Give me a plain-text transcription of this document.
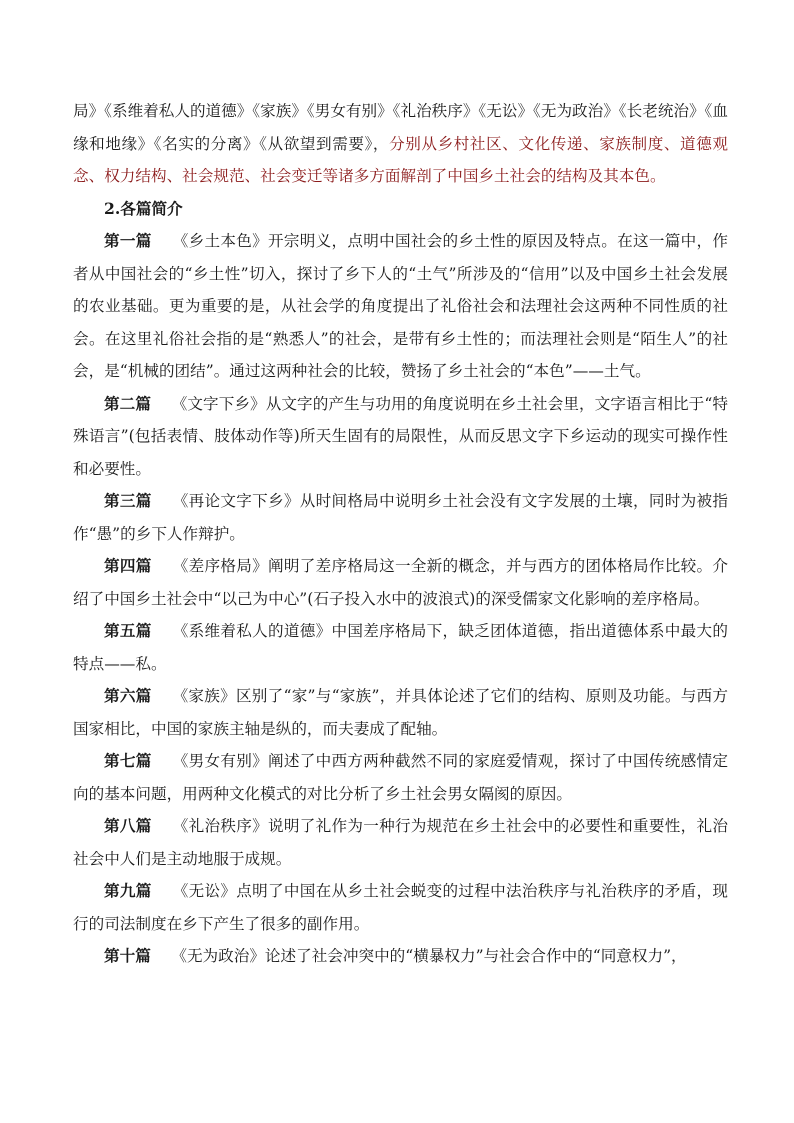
局》《系维着私人的道德》《家族》《男女有别》《礼治秩序》《无讼》《无为政治》《长老统治》《血缘和地缘》《名实的分离》《从欲望到需要》，分别从乡村社区、文化传递、家族制度、道德观念、权力结构、社会规范、社会变迁等诸多方面解剖了中国乡土社会的结构及其本色。

2.各篇简介

第一篇　 《乡土本色》开宗明义，点明中国社会的乡土性的原因及特点。在这一篇中，作者从中国社会的“乡土性”切入，探讨了乡下人的“土气”所涉及的“信用”以及中国乡土社会发展的农业基础。更为重要的是，从社会学的角度提出了礼俗社会和法理社会这两种不同性质的社会。在这里礼俗社会指的是“熟悉人”的社会，是带有乡土性的；而法理社会则是“陌生人”的社会，是“机械的团结”。通过这两种社会的比较，赞扬了乡土社会的“本色”——土气。

第二篇　 《文字下乡》从文字的产生与功用的角度说明在乡土社会里，文字语言相比于“特殊语言”(包括表情、肢体动作等)所天生固有的局限性，从而反思文字下乡运动的现实可操作性和必要性。

第三篇　 《再论文字下乡》从时间格局中说明乡土社会没有文字发展的土壤，同时为被指作“愚”的乡下人作辩护。

第四篇　 《差序格局》阐明了差序格局这一全新的概念，并与西方的团体格局作比较。介绍了中国乡土社会中“以己为中心”(石子投入水中的波浪式)的深受儒家文化影响的差序格局。

第五篇　 《系维着私人的道德》中国差序格局下，缺乏团体道德，指出道德体系中最大的特点——私。

第六篇　 《家族》区别了“家”与“家族”，并具体论述了它们的结构、原则及功能。与西方国家相比，中国的家族主轴是纵的，而夫妻成了配轴。

第七篇　 《男女有别》阐述了中西方两种截然不同的家庭爱情观，探讨了中国传统感情定向的基本问题，用两种文化模式的对比分析了乡土社会男女隔阂的原因。

第八篇　 《礼治秩序》说明了礼作为一种行为规范在乡土社会中的必要性和重要性，礼治社会中人们是主动地服于成规。

第九篇　 《无讼》点明了中国在从乡土社会蜕变的过程中法治秩序与礼治秩序的矛盾，现行的司法制度在乡下产生了很多的副作用。

第十篇　 《无为政治》论述了社会冲突中的“横暴权力”与社会合作中的“同意权力”，
